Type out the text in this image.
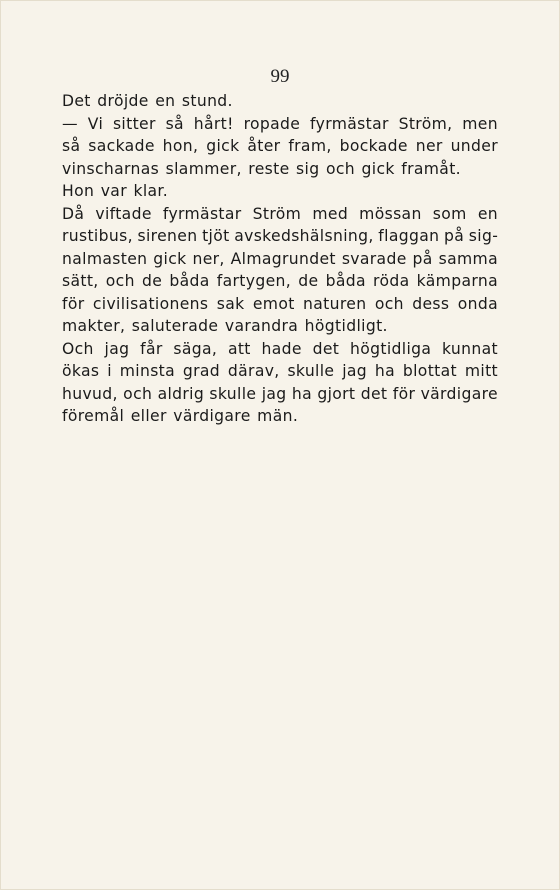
99
Det dröjde en stund.
— Vi sitter så hårt! ropade fyrmästar Ström, men
så sackade hon, gick åter fram, bockade ner under
vinscharnas slammer, reste sig och gick framåt.
Hon var klar.
Då viftade fyrmästar Ström med mössan som en
rustibus, sirenen tjöt avskedshälsning, flaggan på sig-
nalmasten gick ner, Almagrundet svarade på samma
sätt, och de båda fartygen, de båda röda kämparna
för civilisationens sak emot naturen och dess onda
makter, saluterade varandra högtidligt.
Och jag får säga, att hade det högtidliga kunnat
ökas i minsta grad därav, skulle jag ha blottat mitt
huvud, och aldrig skulle jag ha gjort det för värdigare
föremål eller värdigare män.
